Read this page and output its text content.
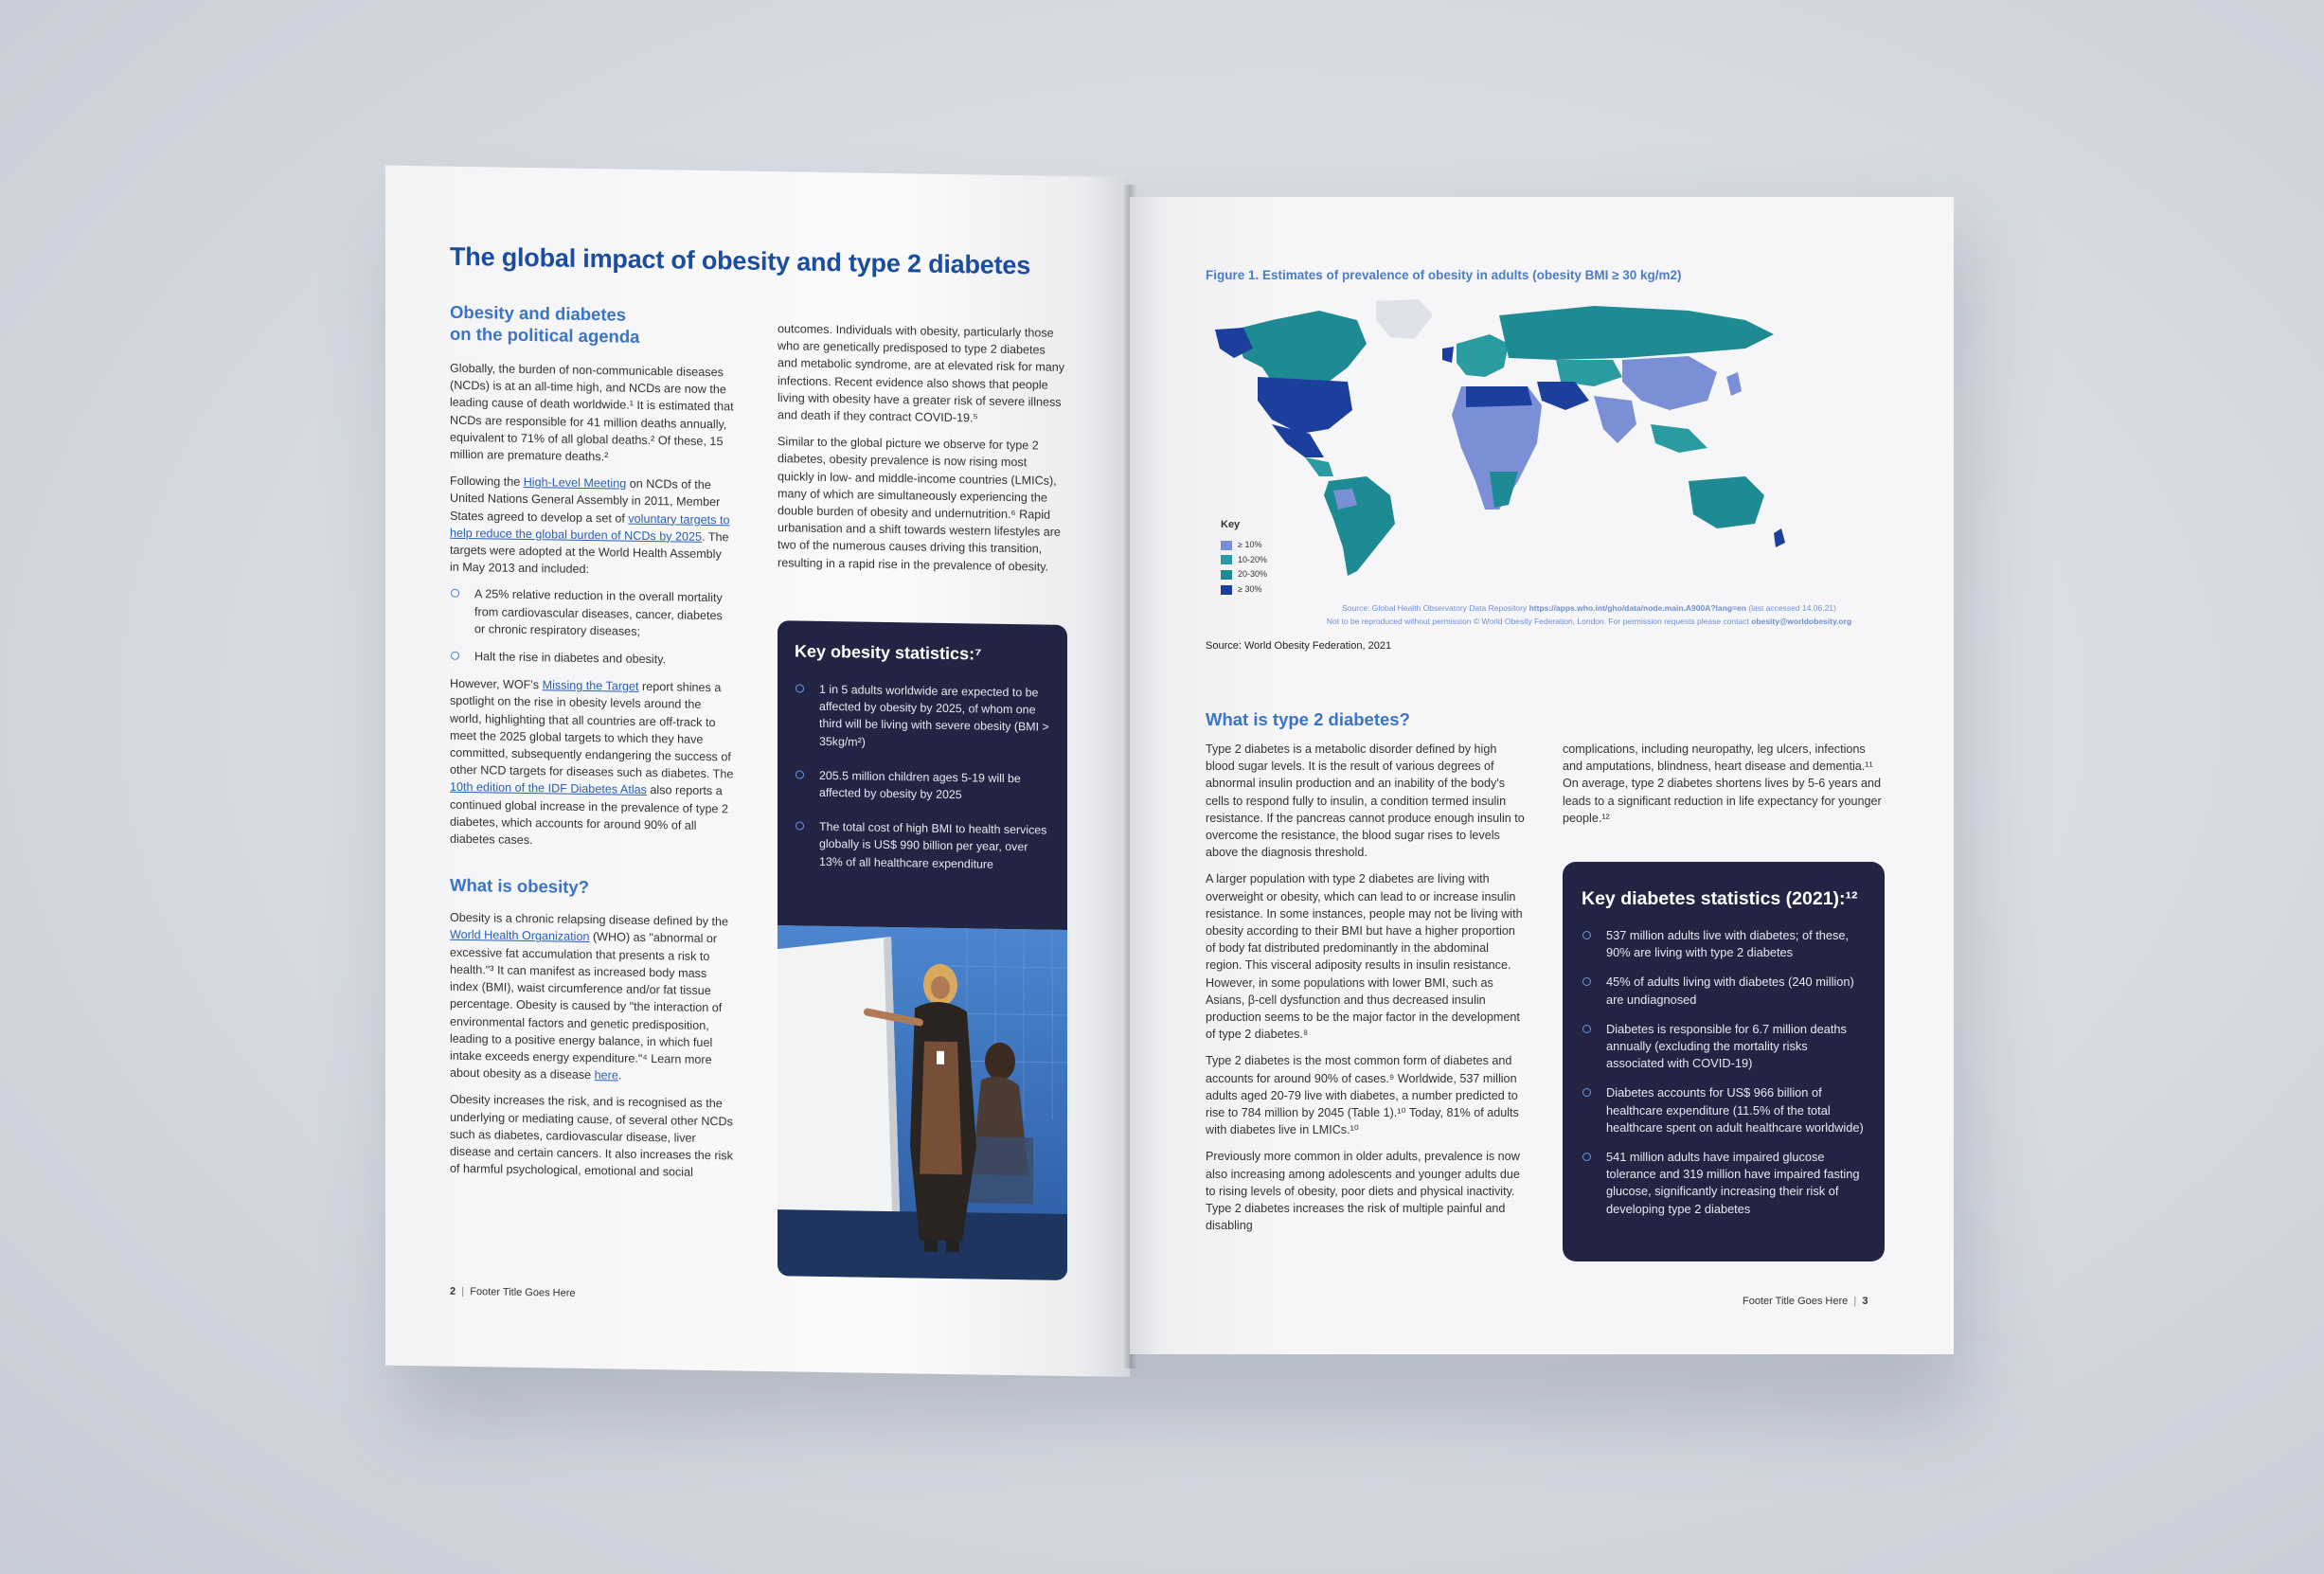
The global impact of obesity and type 2 diabetes

Obesity and diabetes
on the political agenda

Globally, the burden of non-communicable diseases (NCDs) is at an all-time high, and NCDs are now the leading cause of death worldwide.¹ It is estimated that NCDs are responsible for 41 million deaths annually, equivalent to 71% of all global deaths.² Of these, 15 million are premature deaths.²

Following the High-Level Meeting on NCDs of the United Nations General Assembly in 2011, Member States agreed to develop a set of voluntary targets to help reduce the global burden of NCDs by 2025. The targets were adopted at the World Health Assembly in May 2013 and included:

A 25% relative reduction in the overall mortality from cardiovascular diseases, cancer, diabetes or chronic respiratory diseases;
Halt the rise in diabetes and obesity.

However, WOF's Missing the Target report shines a spotlight on the rise in obesity levels around the world, highlighting that all countries are off-track to meet the 2025 global targets to which they have committed, subsequently endangering the success of other NCD targets for diseases such as diabetes. The 10th edition of the IDF Diabetes Atlas also reports a continued global increase in the prevalence of type 2 diabetes, which accounts for around 90% of all diabetes cases.

What is obesity?

Obesity is a chronic relapsing disease defined by the World Health Organization (WHO) as "abnormal or excessive fat accumulation that presents a risk to health."³ It can manifest as increased body mass index (BMI), waist circumference and/or fat tissue percentage. Obesity is caused by "the interaction of environmental factors and genetic predisposition, leading to a positive energy balance, in which fuel intake exceeds energy expenditure."⁴ Learn more about obesity as a disease here.

Obesity increases the risk, and is recognised as the underlying or mediating cause, of several other NCDs such as diabetes, cardiovascular disease, liver disease and certain cancers. It also increases the risk of harmful psychological, emotional and social

outcomes. Individuals with obesity, particularly those who are genetically predisposed to type 2 diabetes and metabolic syndrome, are at elevated risk for many infections. Recent evidence also shows that people living with obesity have a greater risk of severe illness and death if they contract COVID-19.⁵

Similar to the global picture we observe for type 2 diabetes, obesity prevalence is now rising most quickly in low- and middle-income countries (LMICs), many of which are simultaneously experiencing the double burden of obesity and undernutrition.⁶ Rapid urbanisation and a shift towards western lifestyles are two of the numerous causes driving this transition, resulting in a rapid rise in the prevalence of obesity.

Key obesity statistics:⁷
1 in 5 adults worldwide are expected to be affected by obesity by 2025, of whom one third will be living with severe obesity (BMI > 35kg/m²)
205.5 million children ages 5-19 will be affected by obesity by 2025
The total cost of high BMI to health services globally is US$ 990 billion per year, over 13% of all healthcare expenditure
2 | Footer Title Goes Here
Figure 1. Estimates of prevalence of obesity in adults (obesity BMI ≥ 30 kg/m2)
Key
≥ 10%
10-20%
20-30%
≥ 30%
Source: Global Health Observatory Data Repository https://apps.who.int/gho/data/node.main.A900A?lang=en (last accessed 14.06.21)
Not to be reproduced without permission © World Obesity Federation, London. For permission requests please contact obesity@worldobesity.org
Source: World Obesity Federation, 2021
What is type 2 diabetes?

Type 2 diabetes is a metabolic disorder defined by high blood sugar levels. It is the result of various degrees of abnormal insulin production and an inability of the body's cells to respond fully to insulin, a condition termed insulin resistance. If the pancreas cannot produce enough insulin to overcome the resistance, the blood sugar rises to levels above the diagnosis threshold.

A larger population with type 2 diabetes are living with overweight or obesity, which can lead to or increase insulin resistance. In some instances, people may not be living with obesity according to their BMI but have a higher proportion of body fat distributed predominantly in the abdominal region. This visceral adiposity results in insulin resistance. However, in some populations with lower BMI, such as Asians, β-cell dysfunction and thus decreased insulin production seems to be the major factor in the development of type 2 diabetes.⁸

Type 2 diabetes is the most common form of diabetes and accounts for around 90% of cases.⁹ Worldwide, 537 million adults aged 20-79 live with diabetes, a number predicted to rise to 784 million by 2045 (Table 1).¹⁰ Today, 81% of adults with diabetes live in LMICs.¹⁰

Previously more common in older adults, prevalence is now also increasing among adolescents and younger adults due to rising levels of obesity, poor diets and physical inactivity. Type 2 diabetes increases the risk of multiple painful and disabling

complications, including neuropathy, leg ulcers, infections and amputations, blindness, heart disease and dementia.¹¹ On average, type 2 diabetes shortens lives by 5-6 years and leads to a significant reduction in life expectancy for younger people.¹²

Key diabetes statistics (2021):¹²
537 million adults live with diabetes; of these, 90% are living with type 2 diabetes
45% of adults living with diabetes (240 million) are undiagnosed
Diabetes is responsible for 6.7 million deaths annually (excluding the mortality risks associated with COVID-19)
Diabetes accounts for US$ 966 billion of healthcare expenditure (11.5% of the total healthcare spent on adult healthcare worldwide)
541 million adults have impaired glucose tolerance and 319 million have impaired fasting glucose, significantly increasing their risk of developing type 2 diabetes
Footer Title Goes Here | 3
